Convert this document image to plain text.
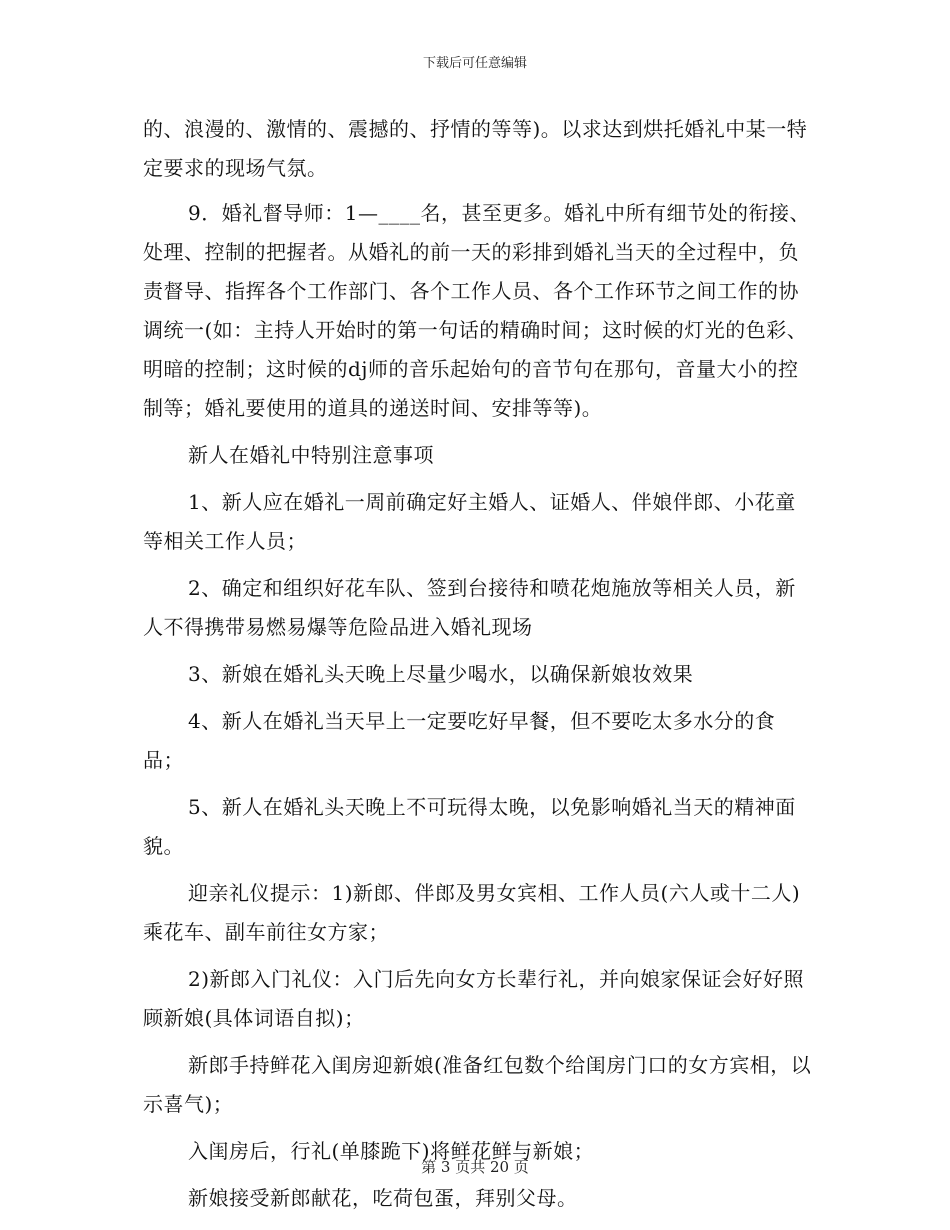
下载后可任意编辑

的、浪漫的、激情的、震撼的、抒情的等等)。以求达到烘托婚礼中某一特定要求的现场气氛。

9．婚礼督导师：1—____名，甚至更多。婚礼中所有细节处的衔接、处理、控制的把握者。从婚礼的前一天的彩排到婚礼当天的全过程中，负责督导、指挥各个工作部门、各个工作人员、各个工作环节之间工作的协调统一(如：主持人开始时的第一句话的精确时间；这时候的灯光的色彩、明暗的控制；这时候的dj师的音乐起始句的音节句在那句，音量大小的控制等；婚礼要使用的道具的递送时间、安排等等)。

新人在婚礼中特别注意事项

1、新人应在婚礼一周前确定好主婚人、证婚人、伴娘伴郎、小花童等相关工作人员；

2、确定和组织好花车队、签到台接待和喷花炮施放等相关人员，新人不得携带易燃易爆等危险品进入婚礼现场

3、新娘在婚礼头天晚上尽量少喝水，以确保新娘妆效果

4、新人在婚礼当天早上一定要吃好早餐，但不要吃太多水分的食品；

5、新人在婚礼头天晚上不可玩得太晚，以免影响婚礼当天的精神面貌。

迎亲礼仪提示：1)新郎、伴郎及男女宾相、工作人员(六人或十二人)乘花车、副车前往女方家；

2)新郎入门礼仪：入门后先向女方长辈行礼，并向娘家保证会好好照顾新娘(具体词语自拟)；

新郎手持鲜花入闺房迎新娘(准备红包数个给闺房门口的女方宾相，以示喜气)；

入闺房后，行礼(单膝跪下)将鲜花鲜与新娘；

新娘接受新郎献花，吃荷包蛋，拜别父母。

第 3 页共 20 页
